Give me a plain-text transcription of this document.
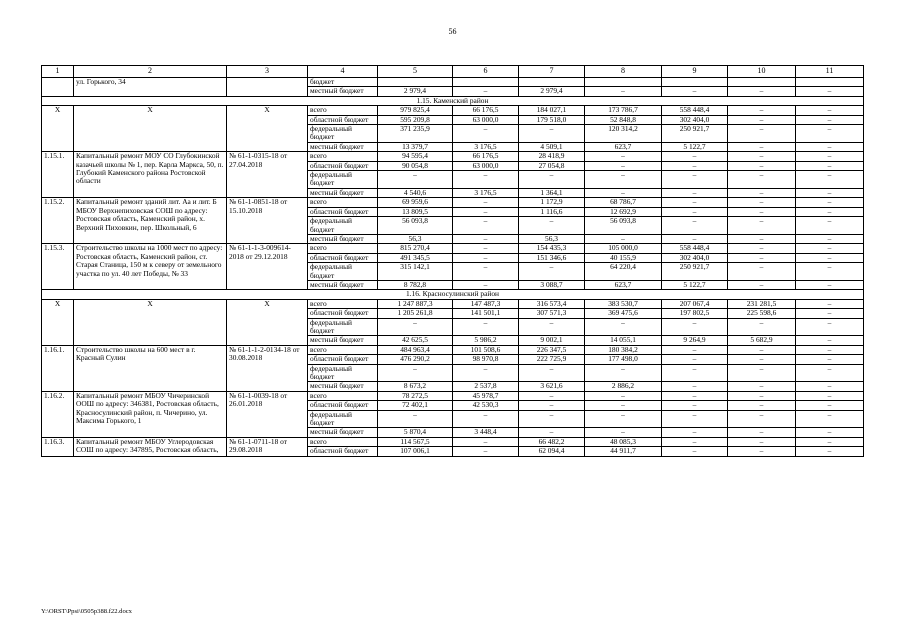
56
1	2	3	4	5	6	7	8	9	10	11
	ул. Горького, 34		бюджет							
			местный бюджет	2 979,4	–	2 979,4	–	–	–	–
1.15. Каменский район										
Х	Х	Х	всего	979 825,4	66 176,5	184 027,1	173 786,7	558 448,4	–	–
			областной бюджет	595 209,8	63 000,0	179 518,0	52 848,8	302 404,0	–	–
			федеральный бюджет	371 235,9	–	–	120 314,2	250 921,7	–	–
			местный бюджет	13 379,7	3 176,5	4 509,1	623,7	5 122,7	–	–
1.15.1.	Капитальный ремонт МОУ СО Глубокинской казачьей школы № 1, пер. Карла Маркса, 50, п. Глубокий Каменского района Ростовской области	№ 61-1-0315-18 от 27.04.2018	всего	94 595,4	66 176,5	28 418,9	–	–	–	–
			областной бюджет	90 054,8	63 000,0	27 054,8	–	–	–	–
			федеральный бюджет	–	–	–	–	–	–	–
			местный бюджет	4 540,6	3 176,5	1 364,1	–	–	–	–
1.15.2.	Капитальный ремонт зданий лит. Аа и лит. Б МБОУ Верхнепиховская СОШ по адресу: Ростовская область, Каменский район, х. Верхний Пиховкин, пер. Школьный, 6	№ 61-1-0851-18 от 15.10.2018	всего	69 959,6	–	1 172,9	68 786,7	–	–	–
			областной бюджет	13 809,5	–	1 116,6	12 692,9	–	–	–
			федеральный бюджет	56 093,8	–	–	56 093,8	–	–	–
			местный бюджет	56,3	–	56,3	–	–	–	–
1.15.3.	Строительство школы на 1000 мест по адресу: Ростовская область, Каменский район, ст. Старая Станица, 150 м к северу от земельного участка по ул. 40 лет Победы, № 33	№ 61-1-1-3-009614-2018 от 29.12.2018	всего	815 270,4	–	154 435,3	105 000,0	558 448,4	–	–
			областной бюджет	491 345,5	–	151 346,6	40 155,9	302 404,0	–	–
			федеральный бюджет	315 142,1	–	–	64 220,4	250 921,7	–	–
			местный бюджет	8 782,8	–	3 088,7	623,7	5 122,7	–	–
1.16. Красносулинский район										
Х	Х	Х	всего	1 247 887,3	147 487,3	316 573,4	383 530,7	207 067,4	231 281,5	–
			областной бюджет	1 205 261,8	141 501,1	307 571,3	369 475,6	197 802,5	225 598,6	–
			федеральный бюджет	–	–	–	–	–	–	–
			местный бюджет	42 625,5	5 986,2	9 002,1	14 055,1	9 264,9	5 682,9	–
1.16.1.	Строительство школы на 600 мест в г. Красный Сулин	№ 61-1-1-2-0134-18 от 30.08.2018	всего	484 963,4	101 508,6	226 347,5	180 384,2	–	–	–
			областной бюджет	476 290,2	98 970,8	222 725,9	177 498,0	–	–	–
			федеральный бюджет	–	–	–	–	–	–	–
			местный бюджет	8 673,2	2 537,8	3 621,6	2 886,2	–	–	–
1.16.2.	Капитальный ремонт МБОУ Чичеринской ООШ по адресу: 346381, Ростовская область, Красносулинский район, п. Чичерино, ул. Максима Горького, 1	№ 61-1-0039-18 от 26.01.2018	всего	78 272,5	45 978,7	–	–	–	–	–
			областной бюджет	72 402,1	42 530,3	–	–	–	–	–
			федеральный бюджет	–	–	–	–	–	–	–
			местный бюджет	5 870,4	3 448,4	–	–	–	–	–
1.16.3.	Капитальный ремонт МБОУ Углеродовская СОШ по адресу: 347895, Ростовская область,	№ 61-1-0711-18 от 29.08.2018	всего	114 567,5	–	66 482,2	48 085,3	–	–	–
			областной бюджет	107 006,1	–	62 094,4	44 911,7	–	–	–
Y:\ORST\Ppsi\0505p388.f22.docx
